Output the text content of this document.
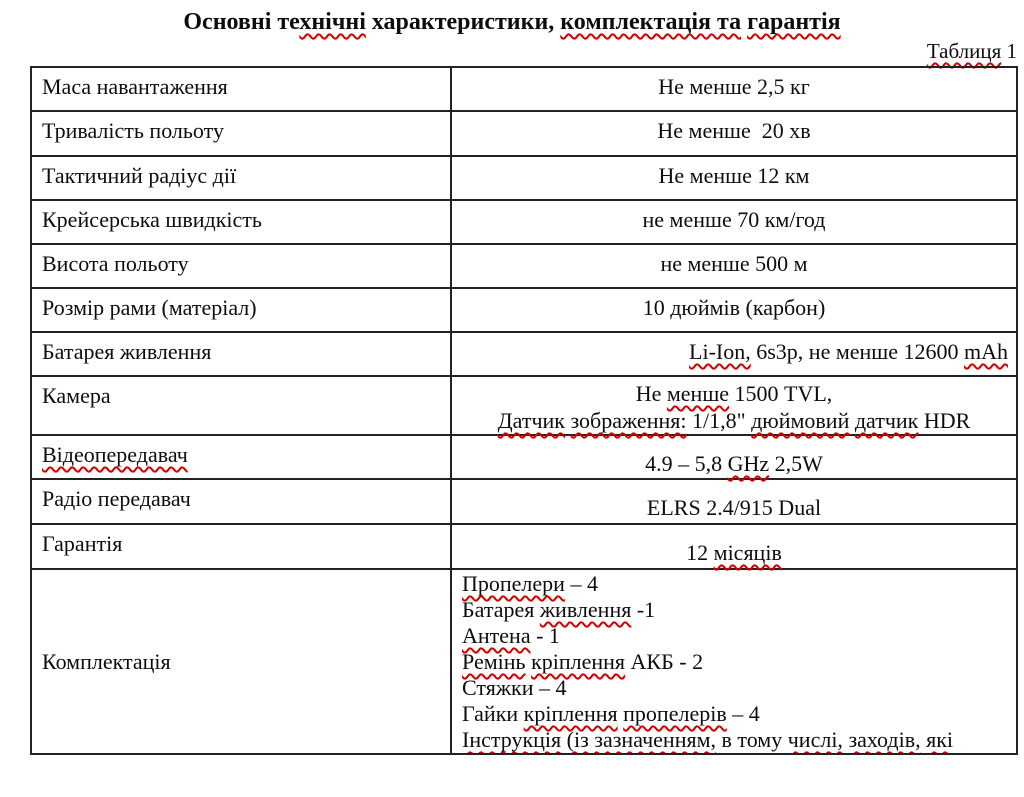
Основні технічні характеристики, комплектація та гарантія
Таблиця 1
Маса навантаження	Не менше 2,5 кг
Тривалість польоту	Не менше  20 хв
Тактичний радіус дії	Не менше 12 км
Крейсерська швидкість	не менше 70 км/год
Висота польоту	не менше 500 м
Розмір рами (матеріал)	10 дюймів (карбон)
Батарея живлення	Li-Ion, 6s3p, не менше 12600 mAh
Камера	Не менше 1500 TVL,
Датчик зображення: 1/1,8" дюймовий датчик HDR

Відеопередавач	4.9 – 5,8 GHz 2,5W
Радіо передавач	ELRS 2.4/915 Dual
Гарантія	12 місяців
Комплектація	
Пропелери – 4
Батарея живлення -1
Антена - 1
Ремінь кріплення АКБ - 2
Стяжки – 4
Гайки кріплення пропелерів – 4
Інструкція (із зазначенням, в тому числі, заходів, які
